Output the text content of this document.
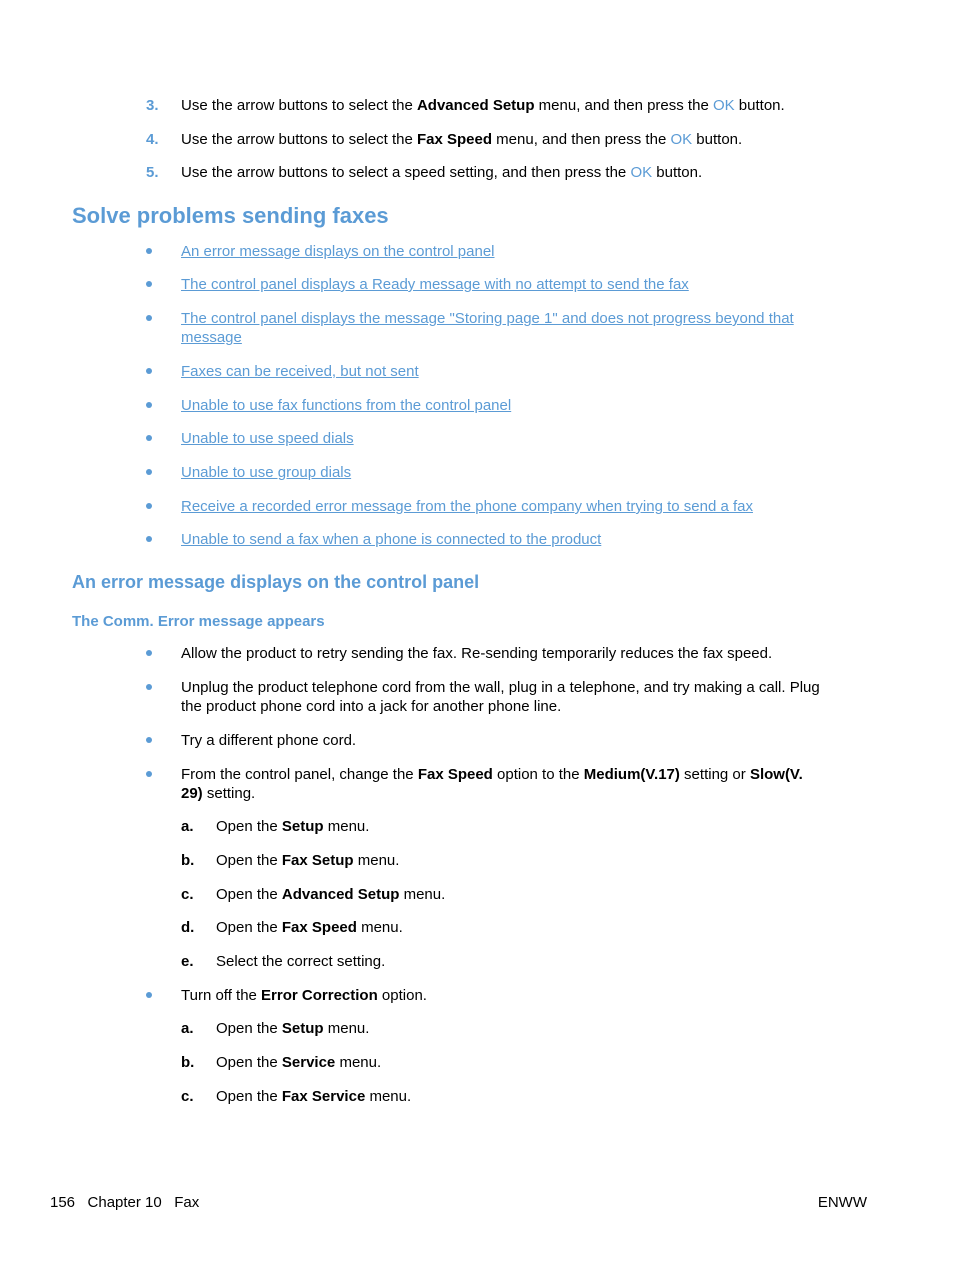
3. Use the arrow buttons to select the Advanced Setup menu, and then press the OK button.
4. Use the arrow buttons to select the Fax Speed menu, and then press the OK button.
5. Use the arrow buttons to select a speed setting, and then press the OK button.
Solve problems sending faxes
An error message displays on the control panel
The control panel displays a Ready message with no attempt to send the fax
The control panel displays the message "Storing page 1" and does not progress beyond that
message
Faxes can be received, but not sent
Unable to use fax functions from the control panel
Unable to use speed dials
Unable to use group dials
Receive a recorded error message from the phone company when trying to send a fax
Unable to send a fax when a phone is connected to the product
An error message displays on the control panel
The Comm. Error message appears
Allow the product to retry sending the fax. Re-sending temporarily reduces the fax speed.
Unplug the product telephone cord from the wall, plug in a telephone, and try making a call. Plug
the product phone cord into a jack for another phone line.
Try a different phone cord.
From the control panel, change the Fax Speed option to the Medium(V.17) setting or Slow(V.
29) setting.
a. Open the Setup menu.
b. Open the Fax Setup menu.
c. Open the Advanced Setup menu.
d. Open the Fax Speed menu.
e. Select the correct setting.
Turn off the Error Correction option.
a. Open the Setup menu.
b. Open the Service menu.
c. Open the Fax Service menu.
156   Chapter 10   Fax	ENWW
